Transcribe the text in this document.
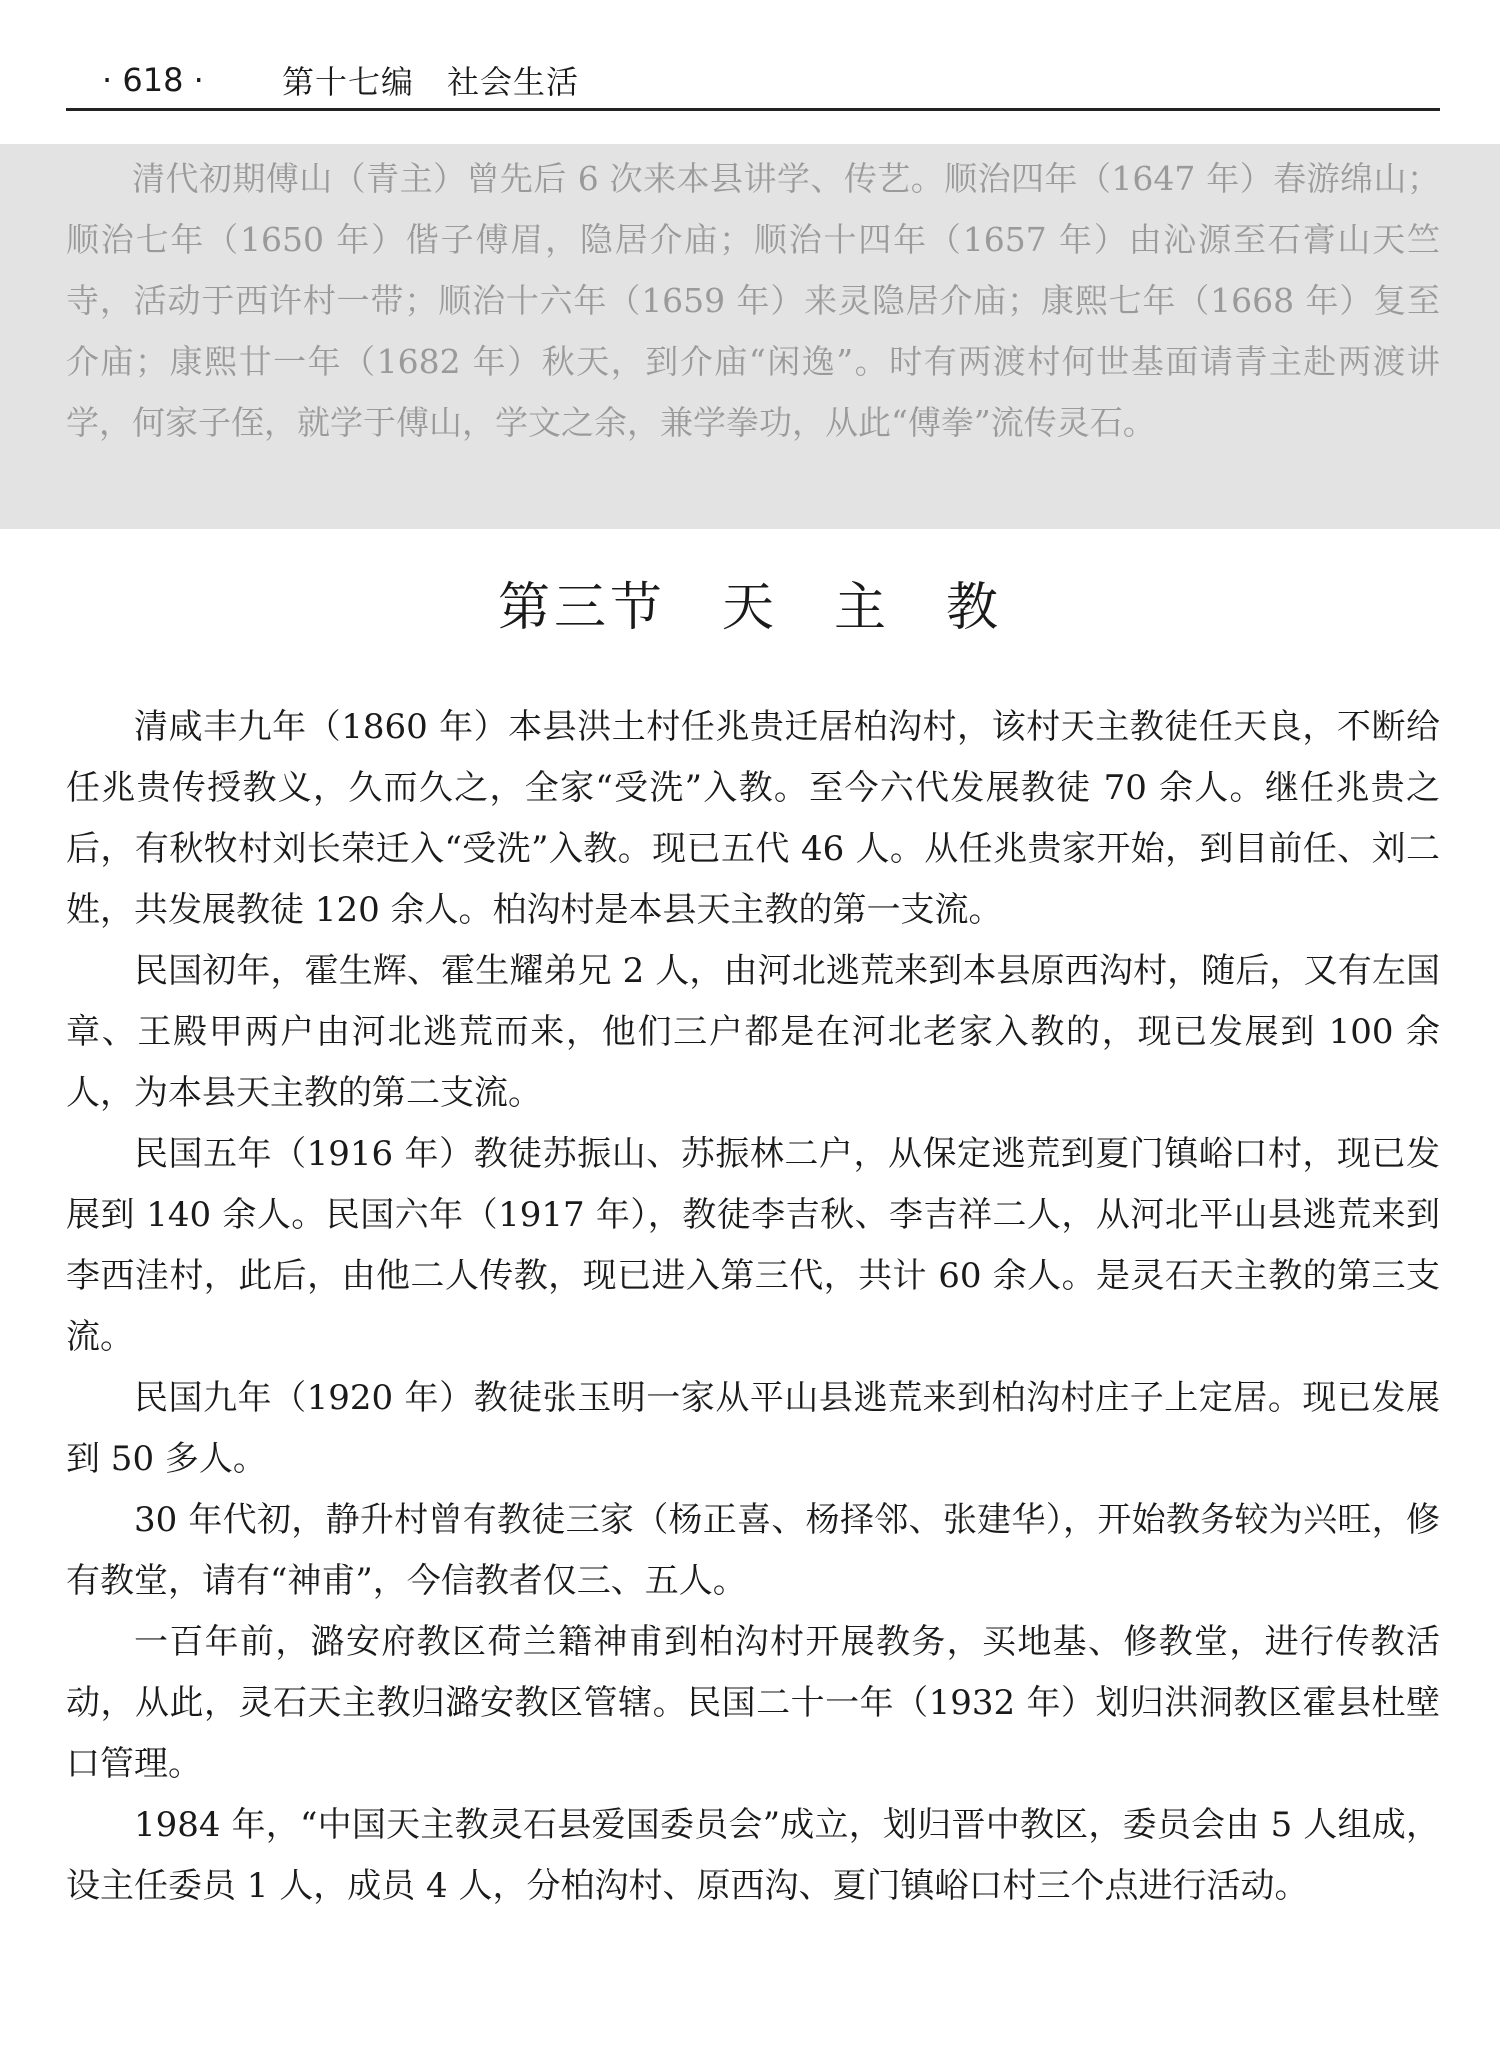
· 618 ·	第十七编　社会生活

清代初期傅山（青主）曾先后 6 次来本县讲学、传艺。顺治四年（1647 年）春游绵山；顺治七年（1650 年）偕子傅眉，隐居介庙；顺治十四年（1657 年）由沁源至石膏山天竺寺，活动于西许村一带；顺治十六年（1659 年）来灵隐居介庙；康熙七年（1668 年）复至介庙；康熙廿一年（1682 年）秋天，到介庙“闲逸”。时有两渡村何世基面请青主赴两渡讲学，何家子侄，就学于傅山，学文之余，兼学拳功，从此“傅拳”流传灵石。

第三节　天　主　教

清咸丰九年（1860 年）本县洪土村任兆贵迁居柏沟村，该村天主教徒任天良，不断给任兆贵传授教义，久而久之，全家“受洗”入教。至今六代发展教徒 70 余人。继任兆贵之后，有秋牧村刘长荣迁入“受洗”入教。现已五代 46 人。从任兆贵家开始，到目前任、刘二姓，共发展教徒 120 余人。柏沟村是本县天主教的第一支流。

民国初年，霍生辉、霍生耀弟兄 2 人，由河北逃荒来到本县原西沟村，随后，又有左国章、王殿甲两户由河北逃荒而来，他们三户都是在河北老家入教的，现已发展到 100 余人，为本县天主教的第二支流。

民国五年（1916 年）教徒苏振山、苏振林二户，从保定逃荒到夏门镇峪口村，现已发展到 140 余人。民国六年（1917 年），教徒李吉秋、李吉祥二人，从河北平山县逃荒来到李西洼村，此后，由他二人传教，现已进入第三代，共计 60 余人。是灵石天主教的第三支流。

民国九年（1920 年）教徒张玉明一家从平山县逃荒来到柏沟村庄子上定居。现已发展到 50 多人。

30 年代初，静升村曾有教徒三家（杨正喜、杨择邻、张建华），开始教务较为兴旺，修有教堂，请有“神甫”，今信教者仅三、五人。

一百年前，潞安府教区荷兰籍神甫到柏沟村开展教务，买地基、修教堂，进行传教活动，从此，灵石天主教归潞安教区管辖。民国二十一年（1932 年）划归洪洞教区霍县杜壁口管理。

1984 年，“中国天主教灵石县爱国委员会”成立，划归晋中教区，委员会由 5 人组成，设主任委员 1 人，成员 4 人，分柏沟村、原西沟、夏门镇峪口村三个点进行活动。
